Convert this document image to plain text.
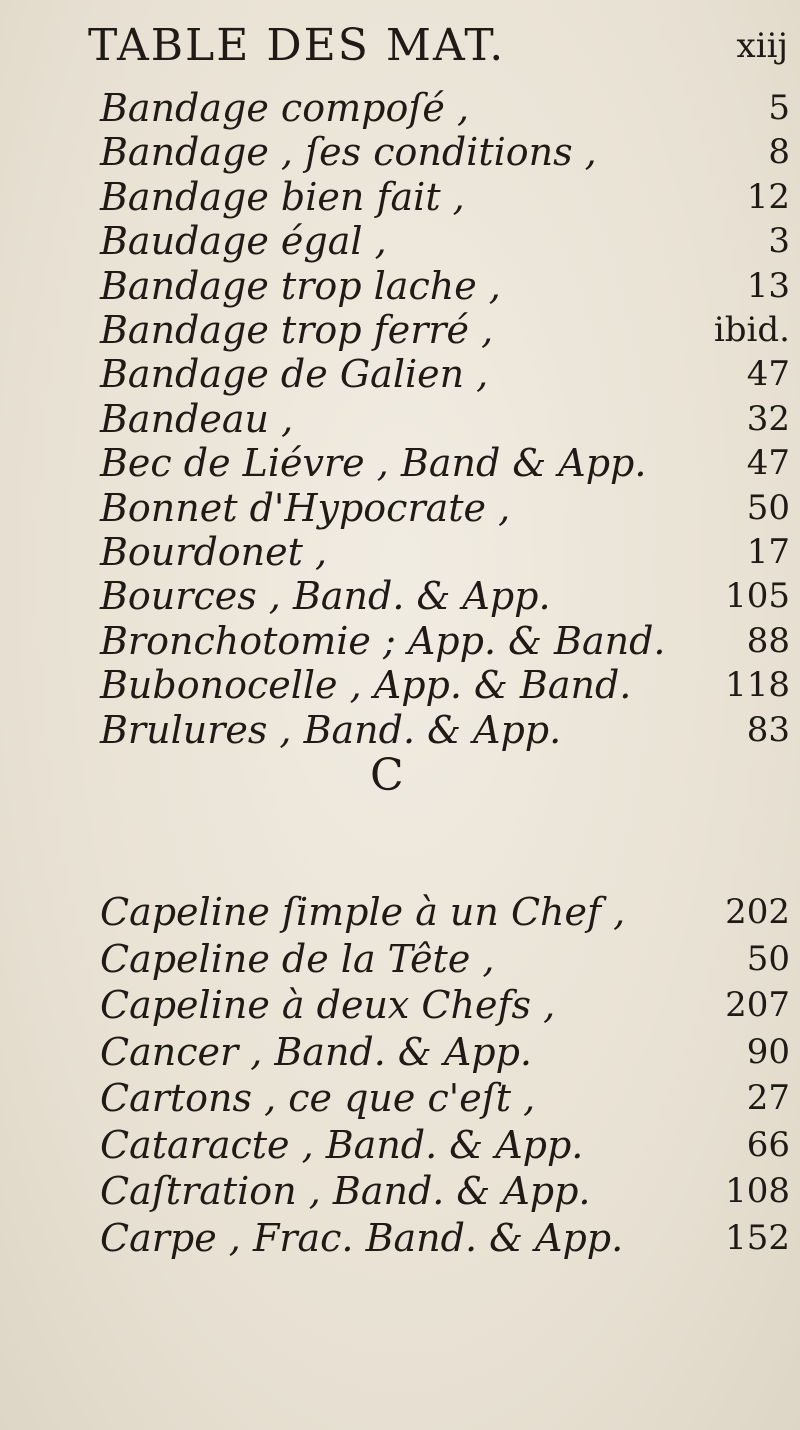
TABLE DES MAT.	xiij
Bandage compoſé ,	5
Bandage , ſes conditions ,	8
Bandage bien fait ,	12
Baudage égal ,	3
Bandage trop lache ,	13
Bandage trop ferré ,	ibid.
Bandage de Galien ,	47
Bandeau ,	32
Bec de Liévre , Band & App.	47
Bonnet d'Hypocrate ,	50
Bourdonet ,	17
Bources , Band. & App.	105
Bronchotomie ; App. & Band. 88
Bubonocelle , App. & Band.	118
Brulures , Band. & App.	83
C
Capeline ſimple à un Chef ,	202
Capeline de la Tête ,	50
Capeline à deux Chefs ,	207
Cancer , Band. & App.	90
Cartons , ce que c'eſt ,	27
Cataracte , Band. & App.	66
Caſtration , Band. & App.	108
Carpe , Frac. Band. & App.	152
